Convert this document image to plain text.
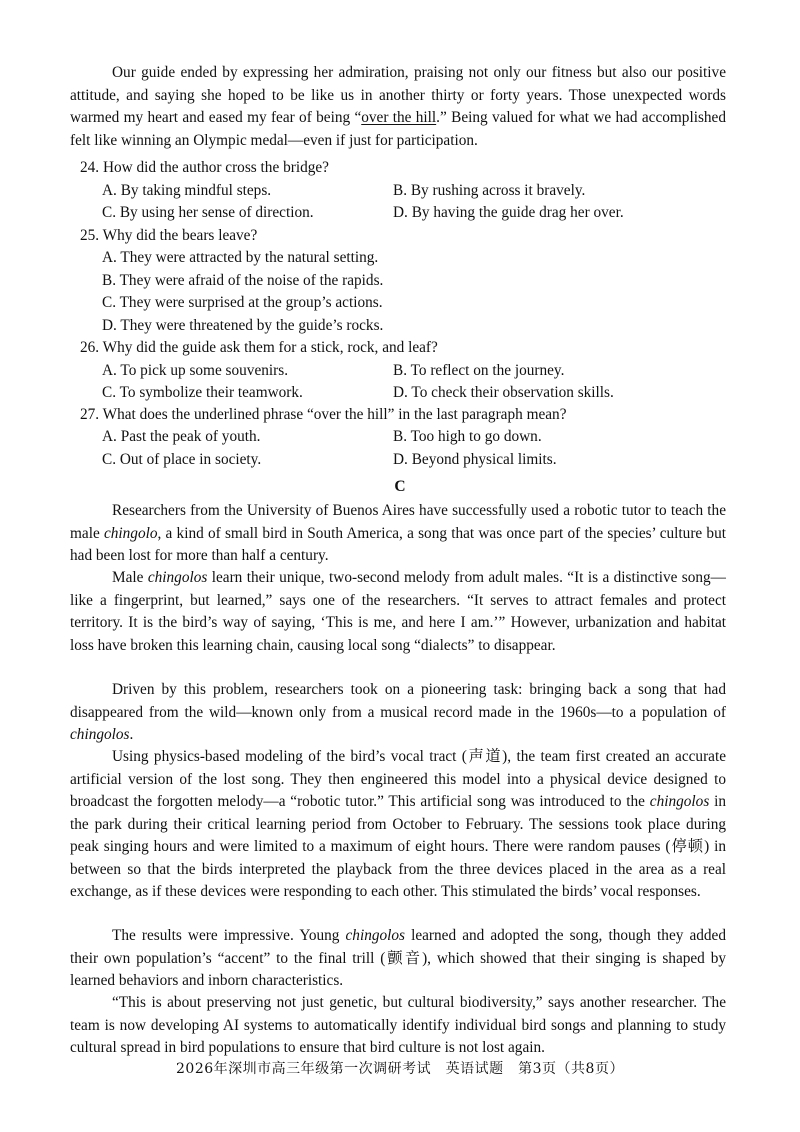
Our guide ended by expressing her admiration, praising not only our fitness but also our positive attitude, and saying she hoped to be like us in another thirty or forty years. Those unexpected words warmed my heart and eased my fear of being “over the hill.” Being valued for what we had accomplished felt like winning an Olympic medal—even if just for participation.

24. How did the author cross the bridge?

A. By taking mindful steps.	B. By rushing across it bravely.

C. By using her sense of direction.	D. By having the guide drag her over.

25. Why did the bears leave?

A. They were attracted by the natural setting.

B. They were afraid of the noise of the rapids.

C. They were surprised at the group’s actions.

D. They were threatened by the guide’s rocks.

26. Why did the guide ask them for a stick, rock, and leaf?

A. To pick up some souvenirs.	B. To reflect on the journey.

C. To symbolize their teamwork.	D. To check their observation skills.

27. What does the underlined phrase “over the hill” in the last paragraph mean?

A. Past the peak of youth.	B. Too high to go down.

C. Out of place in society.	D. Beyond physical limits.

C

Researchers from the University of Buenos Aires have successfully used a robotic tutor to teach the male chingolo, a kind of small bird in South America, a song that was once part of the species’ culture but had been lost for more than half a century.

Male chingolos learn their unique, two-second melody from adult males. “It is a distinctive song—like a fingerprint, but learned,” says one of the researchers. “It serves to attract females and protect territory. It is the bird’s way of saying, ‘This is me, and here I am.’” However, urbanization and habitat loss have broken this learning chain, causing local song “dialects” to disappear.

Driven by this problem, researchers took on a pioneering task: bringing back a song that had disappeared from the wild—known only from a musical record made in the 1960s—to a population of chingolos.

Using physics-based modeling of the bird’s vocal tract (声道), the team first created an accurate artificial version of the lost song. They then engineered this model into a physical device designed to broadcast the forgotten melody—a “robotic tutor.” This artificial song was introduced to the chingolos in the park during their critical learning period from October to February. The sessions took place during peak singing hours and were limited to a maximum of eight hours. There were random pauses (停顿) in between so that the birds interpreted the playback from the three devices placed in the area as a real exchange, as if these devices were responding to each other. This stimulated the birds’ vocal responses.

The results were impressive. Young chingolos learned and adopted the song, though they added their own population’s “accent” to the final trill (颤音), which showed that their singing is shaped by learned behaviors and inborn characteristics.

“This is about preserving not just genetic, but cultural biodiversity,” says another researcher. The team is now developing AI systems to automatically identify individual bird songs and planning to study cultural spread in bird populations to ensure that bird culture is not lost again.

2026年深圳市高三年级第一次调研考试　英语试题　第3页（共8页）
